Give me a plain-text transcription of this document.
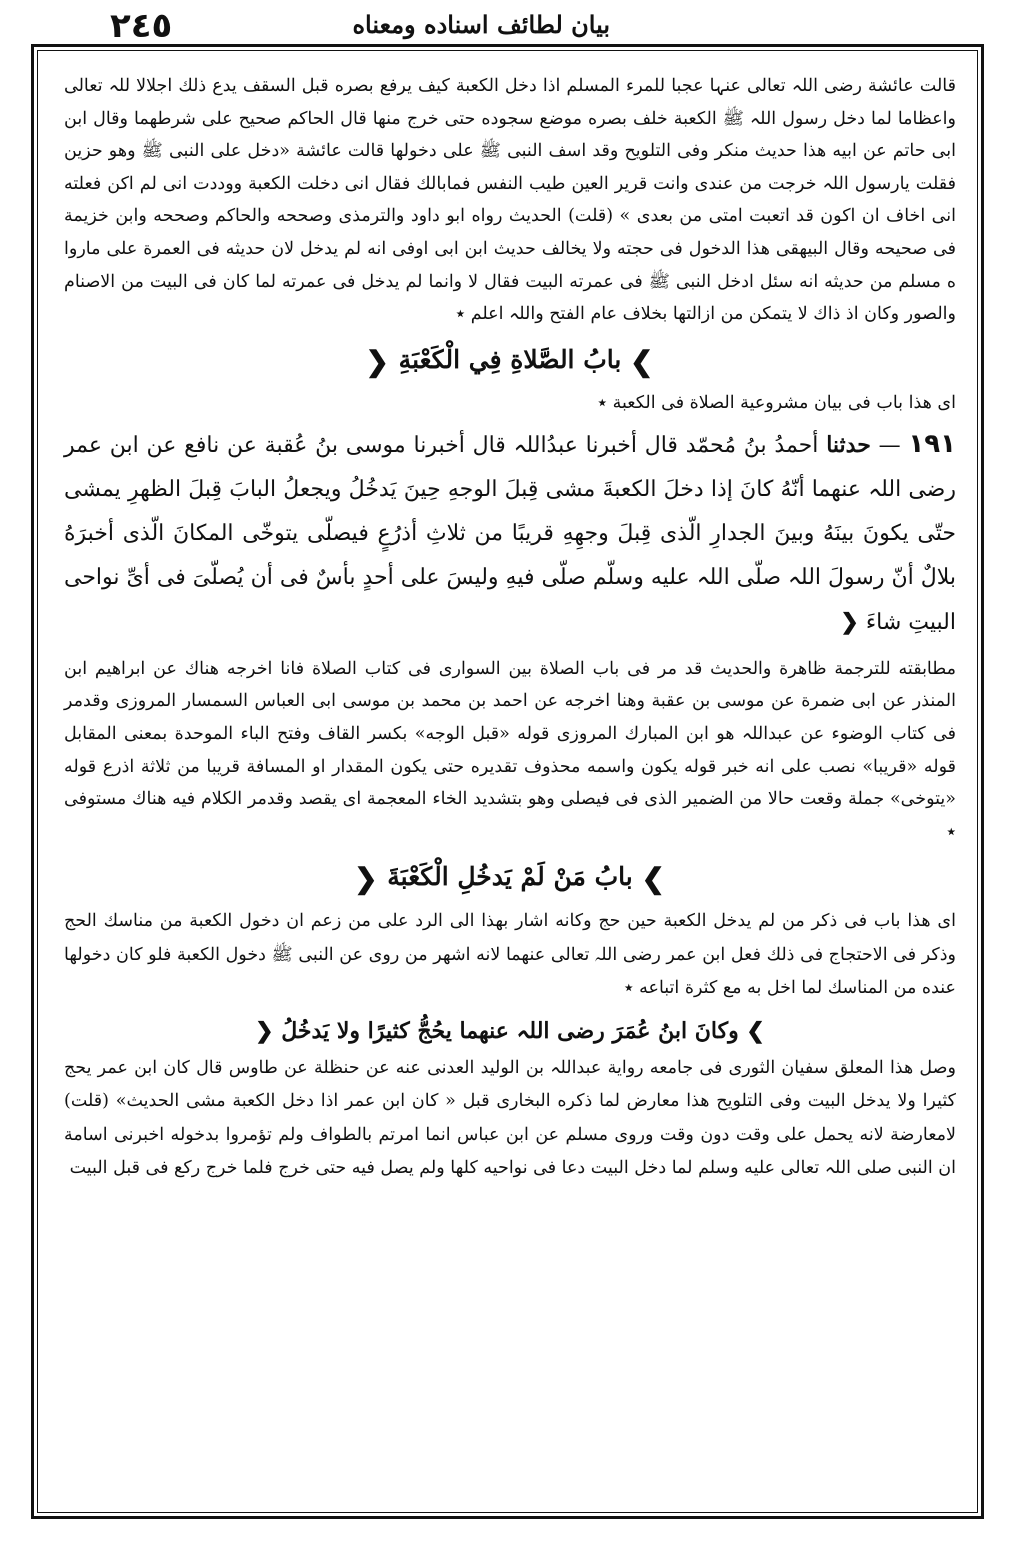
٢٤٥	بيان لطائف اسناده ومعناه

قالت عائشة رضی اللہ تعالی عنہا عجبا للمرء المسلم اذا دخل الكعبة كیف یرفع بصره قبل السقف یدع ذلك اجلالا للہ تعالی واعظاما لما دخل رسول اللہ ﷺ الكعبة خلف بصره موضع سجوده حتی خرج منها قال الحاكم صحیح علی شرطهما وقال ابن ابی حاتم عن ابیه هذا حدیث منكر وفی التلویح وقد اسف النبی ﷺ علی دخولها قالت عائشة «دخل علی النبی ﷺ وهو حزین فقلت یارسول اللہ خرجت من عندی وانت قریر العین طیب النفس فمابالك فقال انی دخلت الكعبة ووددت انی لم اكن فعلته انی اخاف ان اكون قد اتعبت امتی من بعدی » (قلت) الحدیث رواه ابو داود والترمذی وصححه والحاكم وصححه وابن خزیمة فی صحیحه وقال البیهقی هذا الدخول فی حجته ولا یخالف حدیث ابن ابی اوفی انه لم یدخل لان حدیثه فی العمرة علی ماروا ه مسلم من حدیثه انه سئل ادخل النبی ﷺ فی عمرته البیت فقال لا وانما لم یدخل فی عمرته لما كان فی البیت من الاصنام والصور وكان اذ ذاك لا یتمكن من ازالتها بخلاف عام الفتح واللہ اعلم ٭

❯ بابُ الصَّلاةِ فِي الْكَعْبَةِ ❮

ای هذا باب فی بیان مشروعیة الصلاة فی الكعبة ٭

١٩١ — حدثنا أحمدُ بنُ مُحمّد قال أخبرنا عبدُاللہ قال أخبرنا موسی بنُ عُقبة عن نافع عن ابن عمر رضی اللہ عنهما أنّهُ كانَ إذا دخلَ الكعبةَ مشی قِبلَ الوجهِ حِینَ یَدخُلُ ویجعلُ البابَ قِبلَ الظهرِ یمشی حتّی یكونَ بینَهُ وبینَ الجدارِ الّذی قِبلَ وجهِهِ قریبًا من ثلاثِ أذرُعٍ فیصلّی یتوخّی المكانَ الّذی أخبرَهُ بلالٌ أنّ رسولَ اللہ صلّی اللہ علیه وسلّم صلّی فیهِ ولیسَ علی أحدٍ بأسٌ فی أن یُصلّیَ فی أیِّ نواحی البیتِ شاءَ ❮

مطابقته للترجمة ظاهرة والحدیث قد مر فی باب الصلاة بین السواری فی كتاب الصلاة فانا اخرجه هناك عن ابراهیم ابن المنذر عن ابی ضمرة عن موسی بن عقبة وهنا اخرجه عن احمد بن محمد بن موسی ابی العباس السمسار المروزی وقدمر فی كتاب الوضوء عن عبداللہ هو ابن المبارك المروزی قوله «قبل الوجه» بكسر القاف وفتح الباء الموحدة بمعنی المقابل قوله «قریبا» نصب علی انه خبر قوله یكون واسمه محذوف تقدیره حتی یكون المقدار او المسافة قریبا من ثلاثة اذرع قوله «یتوخی» جملة وقعت حالا من الضمیر الذی فی فیصلی وهو بتشدید الخاء المعجمة ای یقصد وقدمر الكلام فیه هناك مستوفی ٭

❯ بابُ مَنْ لَمْ یَدخُلِ الْكَعْبَةَ ❮

ای هذا باب فی ذكر من لم یدخل الكعبة حین حج وكانه اشار بهذا الی الرد علی من زعم ان دخول الكعبة من مناسك الحج وذكر فی الاحتجاج فی ذلك فعل ابن عمر رضی اللہ تعالی عنهما لانه اشهر من روی عن النبی ﷺ دخول الكعبة فلو كان دخولها عنده من المناسك لما اخل به مع كثرة اتباعه ٭

❯ وكانَ ابنُ عُمَرَ رضی اللہ عنهما یحُجُّ كثیرًا ولا یَدخُلُ ❮

وصل هذا المعلق سفیان الثوری فی جامعه روایة عبداللہ بن الولید العدنی عنه عن حنظلة عن طاوس قال كان ابن عمر یحج كثیرا ولا یدخل البیت وفی التلویح هذا معارض لما ذكره البخاری قبل « كان ابن عمر اذا دخل الكعبة مشی الحدیث» (قلت) لامعارضة لانه یحمل علی وقت دون وقت وروی مسلم عن ابن عباس انما امرتم بالطواف ولم تؤمروا بدخوله اخبرنی اسامة ان النبی صلی اللہ تعالی علیه وسلم لما دخل البیت دعا فی نواحیه كلها ولم یصل فیه حتی خرج فلما خرج ركع فی قبل البیت
